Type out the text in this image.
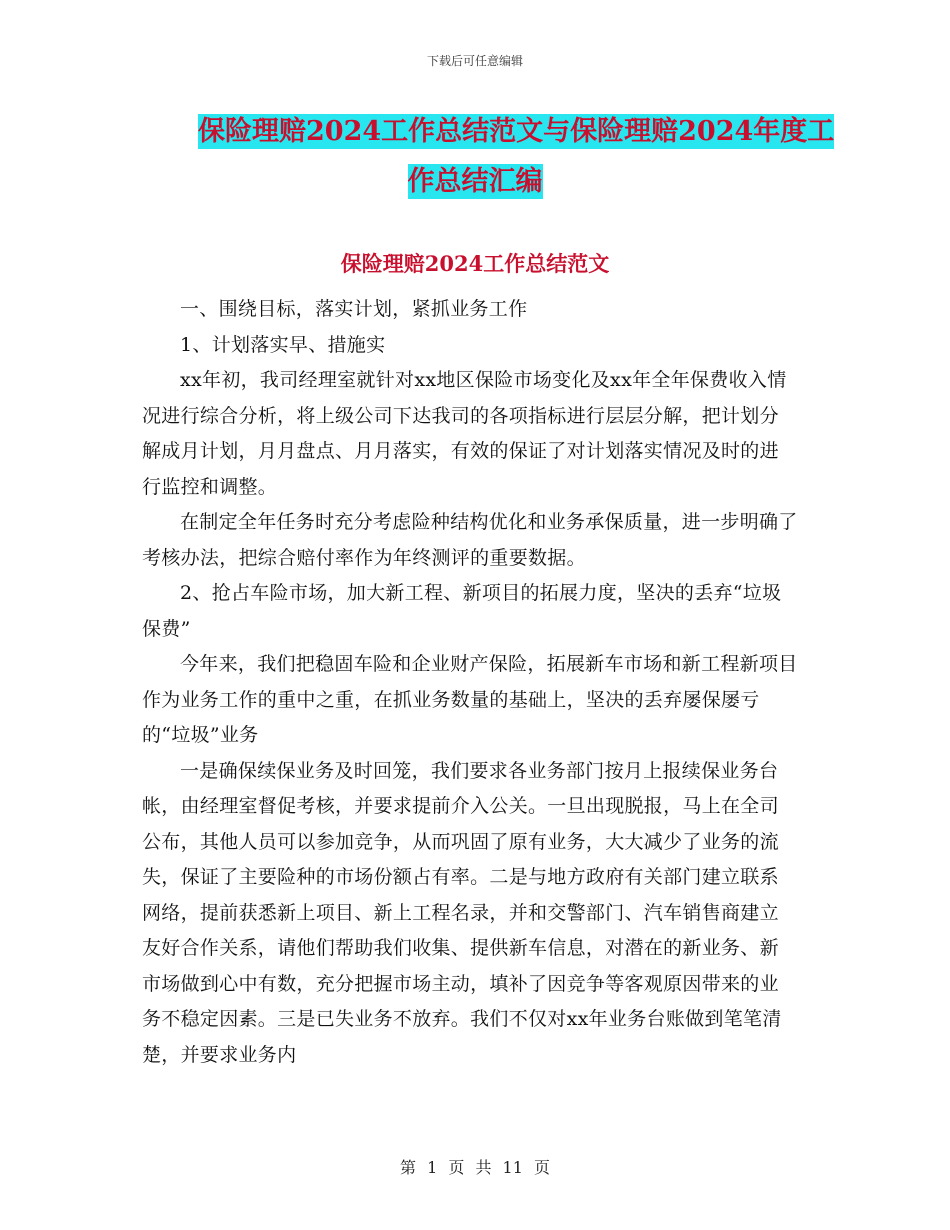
下载后可任意编辑
保险理赔2024工作总结范文与保险理赔2024年度工
作总结汇编
保险理赔2024工作总结范文

一、围绕目标，落实计划，紧抓业务工作

1、计划落实早、措施实

xx年初，我司经理室就针对xx地区保险市场变化及xx年全年保费收入情况进行综合分析，将上级公司下达我司的各项指标进行层层分解，把计划分解成月计划，月月盘点、月月落实，有效的保证了对计划落实情况及时的进行监控和调整。

在制定全年任务时充分考虑险种结构优化和业务承保质量，进一步明确了考核办法，把综合赔付率作为年终测评的重要数据。

2、抢占车险市场，加大新工程、新项目的拓展力度，坚决的丢弃“垃圾保费”

今年来，我们把稳固车险和企业财产保险，拓展新车市场和新工程新项目作为业务工作的重中之重，在抓业务数量的基础上，坚决的丢弃屡保屡亏的“垃圾”业务

一是确保续保业务及时回笼，我们要求各业务部门按月上报续保业务台帐，由经理室督促考核，并要求提前介入公关。一旦出现脱报，马上在全司公布，其他人员可以参加竞争，从而巩固了原有业务，大大减少了业务的流失，保证了主要险种的市场份额占有率。二是与地方政府有关部门建立联系网络，提前获悉新上项目、新上工程名录，并和交警部门、汽车销售商建立友好合作关系，请他们帮助我们收集、提供新车信息，对潜在的新业务、新市场做到心中有数，充分把握市场主动，填补了因竞争等客观原因带来的业务不稳定因素。三是已失业务不放弃。我们不仅对xx年业务台账做到笔笔清楚，并要求业务内

第 1 页 共 11 页
